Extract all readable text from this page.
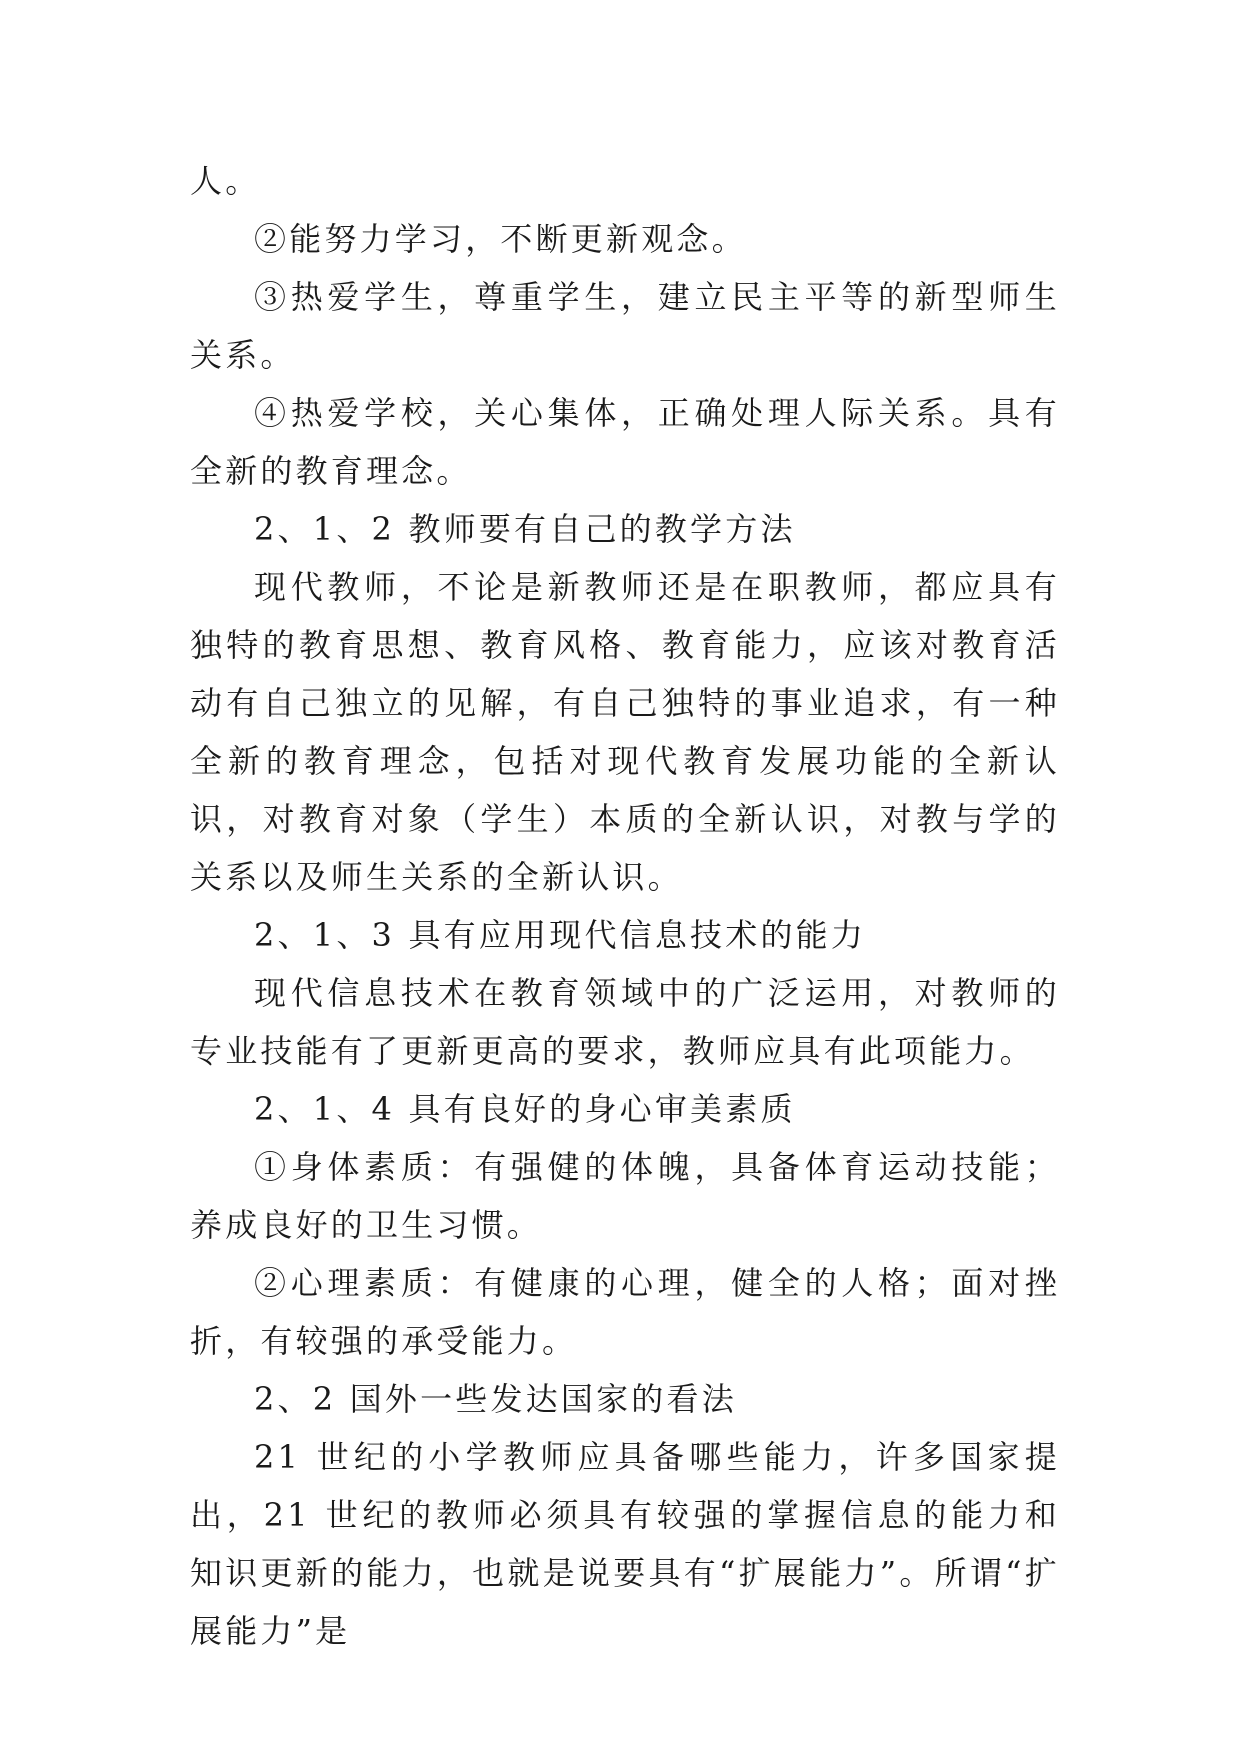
人。

②能努力学习，不断更新观念。

③热爱学生，尊重学生，建立民主平等的新型师生关系。

④热爱学校，关心集体，正确处理人际关系。具有全新的教育理念。

2、1、2 教师要有自己的教学方法

现代教师，不论是新教师还是在职教师，都应具有独特的教育思想、教育风格、教育能力，应该对教育活动有自己独立的见解，有自己独特的事业追求，有一种全新的教育理念，包括对现代教育发展功能的全新认识，对教育对象（学生）本质的全新认识，对教与学的关系以及师生关系的全新认识。

2、1、3 具有应用现代信息技术的能力

现代信息技术在教育领域中的广泛运用，对教师的专业技能有了更新更高的要求，教师应具有此项能力。

2、1、4 具有良好的身心审美素质

①身体素质：有强健的体魄，具备体育运动技能；养成良好的卫生习惯。

②心理素质：有健康的心理，健全的人格；面对挫折，有较强的承受能力。

2、2 国外一些发达国家的看法

21 世纪的小学教师应具备哪些能力，许多国家提出，21 世纪的教师必须具有较强的掌握信息的能力和知识更新的能力，也就是说要具有“扩展能力”。所谓“扩展能力”是
